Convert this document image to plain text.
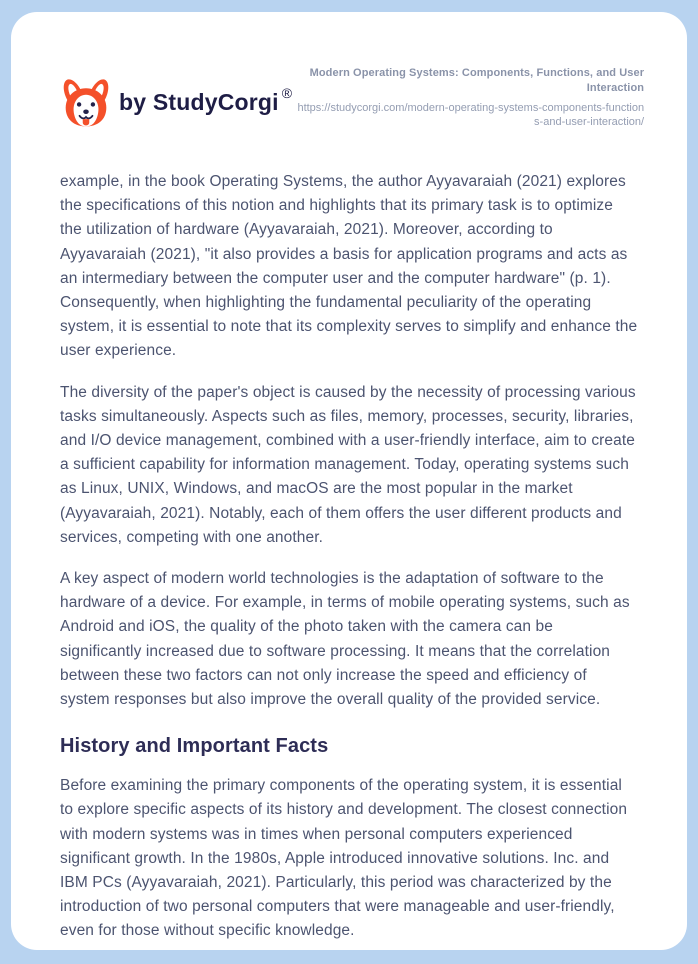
by StudyCorgi ®
Modern Operating Systems: Components, Functions, and User Interaction
https://studycorgi.com/modern-operating-systems-components-functions-and-user-interaction/

example, in the book Operating Systems, the author Ayyavaraiah (2021) explores the specifications of this notion and highlights that its primary task is to optimize the utilization of hardware (Ayyavaraiah, 2021). Moreover, according to Ayyavaraiah (2021), "it also provides a basis for application programs and acts as an intermediary between the computer user and the computer hardware" (p. 1). Consequently, when highlighting the fundamental peculiarity of the operating system, it is essential to note that its complexity serves to simplify and enhance the user experience.

The diversity of the paper's object is caused by the necessity of processing various tasks simultaneously. Aspects such as files, memory, processes, security, libraries, and I/O device management, combined with a user-friendly interface, aim to create a sufficient capability for information management. Today, operating systems such as Linux, UNIX, Windows, and macOS are the most popular in the market (Ayyavaraiah, 2021). Notably, each of them offers the user different products and services, competing with one another.

A key aspect of modern world technologies is the adaptation of software to the hardware of a device. For example, in terms of mobile operating systems, such as Android and iOS, the quality of the photo taken with the camera can be significantly increased due to software processing. It means that the correlation between these two factors can not only increase the speed and efficiency of system responses but also improve the overall quality of the provided service.

History and Important Facts

Before examining the primary components of the operating system, it is essential to explore specific aspects of its history and development. The closest connection with modern systems was in times when personal computers experienced significant growth. In the 1980s, Apple introduced innovative solutions. Inc. and IBM PCs (Ayyavaraiah, 2021). Particularly, this period was characterized by the introduction of two personal computers that were manageable and user-friendly, even for those without specific knowledge.
